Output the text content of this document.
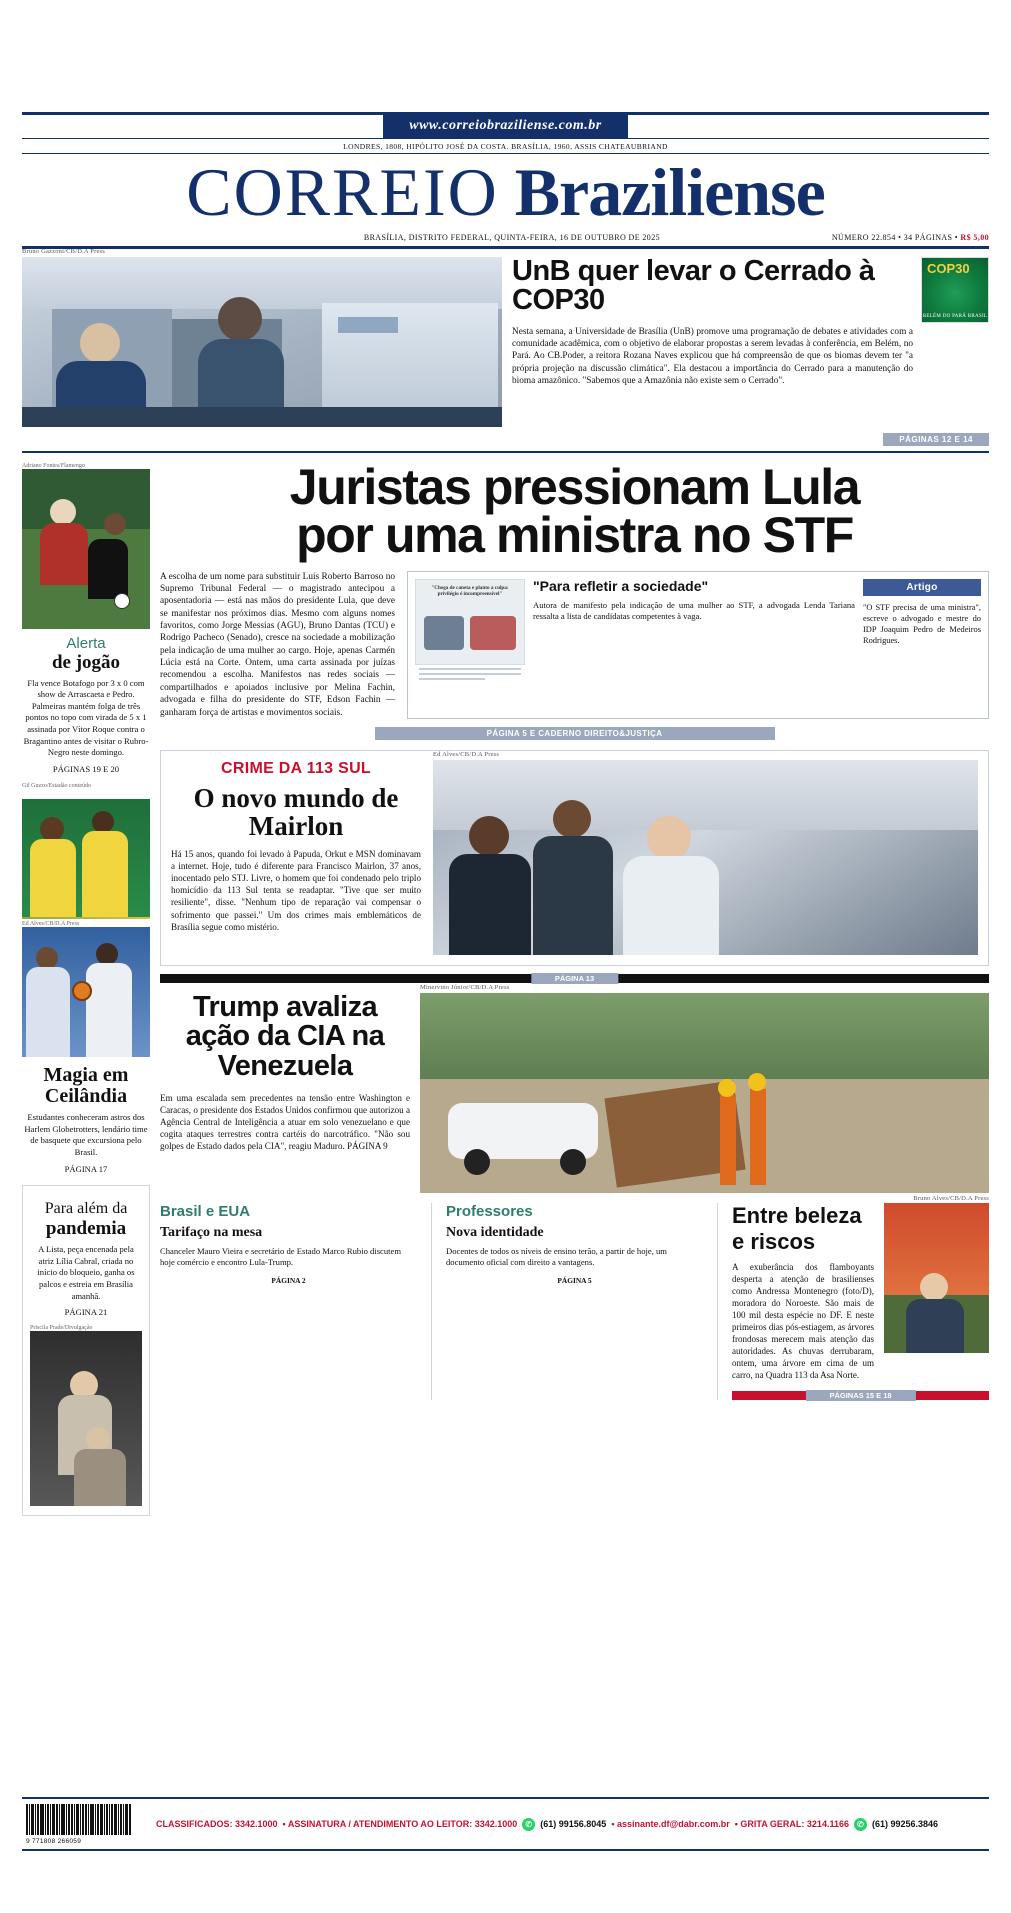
www.correiobraziliense.com.br
LONDRES, 1808, HIPÓLITO JOSÉ DA COSTA. BRASÍLIA, 1960, ASSIS CHATEAUBRIAND
CORREIO Braziliense
BRASÍLIA, DISTRITO FEDERAL, QUINTA-FEIRA, 16 DE OUTUBRO DE 2025	NÚMERO 22.854 • 34 PÁGINAS • R$ 5,00
Bruno Gazzoni/CB/D.A Press
UnB quer levar o Cerrado à COP30
Nesta semana, a Universidade de Brasília (UnB) promove uma programação de debates e atividades com a comunidade acadêmica, com o objetivo de elaborar propostas a serem levadas à conferência, em Belém, no Pará. Ao CB.Poder, a reitora Rozana Naves explicou que há compreensão de que os biomas devem ter "a própria projeção na discussão climática". Ela destacou a importância do Cerrado para a manutenção do bioma amazônico. "Sabemos que a Amazônia não existe sem o Cerrado".
COP30
BELÉM DO PARÁ BRASIL
PÁGINAS 12 E 14
Adriano Fontes/Flamengo
Alerta
de jogão
Fla vence Botafogo por 3 x 0 com show de Arrascaeta e Pedro. Palmeiras mantém folga de três pontos no topo com virada de 5 x 1 assinada por Vítor Roque contra o Bragantino antes de visitar o Rubro-Negro neste domingo.
PÁGINAS 19 E 20
Gil Guzzo/Estadão conteúdo
Ed Alves/CB/D.A Press
Magia em Ceilândia
Estudantes conheceram astros dos Harlem Globetrotters, lendário time de basquete que excursiona pelo Brasil.
PÁGINA 17
Para além da
pandemia
A Lista, peça encenada pela atriz Lília Cabral, criada no início do bloqueio, ganha os palcos e estreia em Brasília amanhã.
PÁGINA 21
Priscila Prade/Divulgação
Juristas pressionam Lula
por uma ministra no STF
A escolha de um nome para substituir Luís Roberto Barroso no Supremo Tribunal Federal — o magistrado antecipou a aposentadoria — está nas mãos do presidente Lula, que deve se manifestar nos próximos dias. Mesmo com alguns nomes favoritos, como Jorge Messias (AGU), Bruno Dantas (TCU) e Rodrigo Pacheco (Senado), cresce na sociedade a mobilização pela indicação de uma mulher ao cargo. Hoje, apenas Carmén Lúcia está na Corte. Ontem, uma carta assinada por juízas recomendou a escolha. Manifestos nas redes sociais — compartilhados e apoiados inclusive por Melina Fachin, advogada e filha do presidente do STF, Edson Fachin — ganharam força de artistas e movimentos sociais.
"Chega de caneta e planto a culpa: privilégio é incompreensível"
"Para refletir a sociedade"
Autora de manifesto pela indicação de uma mulher ao STF, a advogada Lenda Tariana ressalta a lista de candidatas competentes à vaga.
Artigo
"O STF precisa de uma ministra", escreve o advogado e mestre do IDP Joaquim Pedro de Medeiros Rodrigues.
PÁGINA 5 E CADERNO DIREITO&JUSTIÇA
CRIME DA 113 SUL
O novo mundo de Mairlon
Há 15 anos, quando foi levado à Papuda, Orkut e MSN dominavam a internet. Hoje, tudo é diferente para Francisco Mairlon, 37 anos, inocentado pelo STJ. Livre, o homem que foi condenado pelo triplo homicídio da 113 Sul tenta se readaptar. "Tive que ser muito resiliente", disse. "Nenhum tipo de reparação vai compensar o sofrimento que passei." Um dos crimes mais emblemáticos de Brasília segue como mistério.
Ed Alves/CB/D.A Press
PÁGINA 13
Trump avaliza ação da CIA na Venezuela
Em uma escalada sem precedentes na tensão entre Washington e Caracas, o presidente dos Estados Unidos confirmou que autorizou a Agência Central de Inteligência a atuar em solo venezuelano e que cogita ataques terrestres contra cartéis do narcotráfico. "Não sou golpes de Estado dados pela CIA", reagiu Maduro. PÁGINA 9
Minervino Júnior/CB/D.A Press
Brasil e EUA
Tarifaço na mesa
Chanceler Mauro Vieira e secretário de Estado Marco Rubio discutem hoje comércio e encontro Lula-Trump.
PÁGINA 2
Professores
Nova identidade
Docentes de todos os níveis de ensino terão, a partir de hoje, um documento oficial com direito a vantagens.
PÁGINA 5
Entre beleza e riscos
A exuberância dos flamboyants desperta a atenção de brasilienses como Andressa Montenegro (foto/D), moradora do Noroeste. São mais de 100 mil desta espécie no DF. E neste primeiros dias pós-estiagem, as árvores frondosas merecem mais atenção das autoridades. As chuvas derrubaram, ontem, uma árvore em cima de um carro, na Quadra 113 da Asa Norte.
Bruno Alves/CB/D.A Press
PÁGINAS 15 E 18
9 771808 266059
CLASSIFICADOS: 3342.1000 • ASSINATURA / ATENDIMENTO AO LEITOR: 3342.1000	✆ (61) 99156.8045 • assinante.df@dabr.com.br • GRITA GERAL: 3214.1166	✆ (61) 99256.3846
